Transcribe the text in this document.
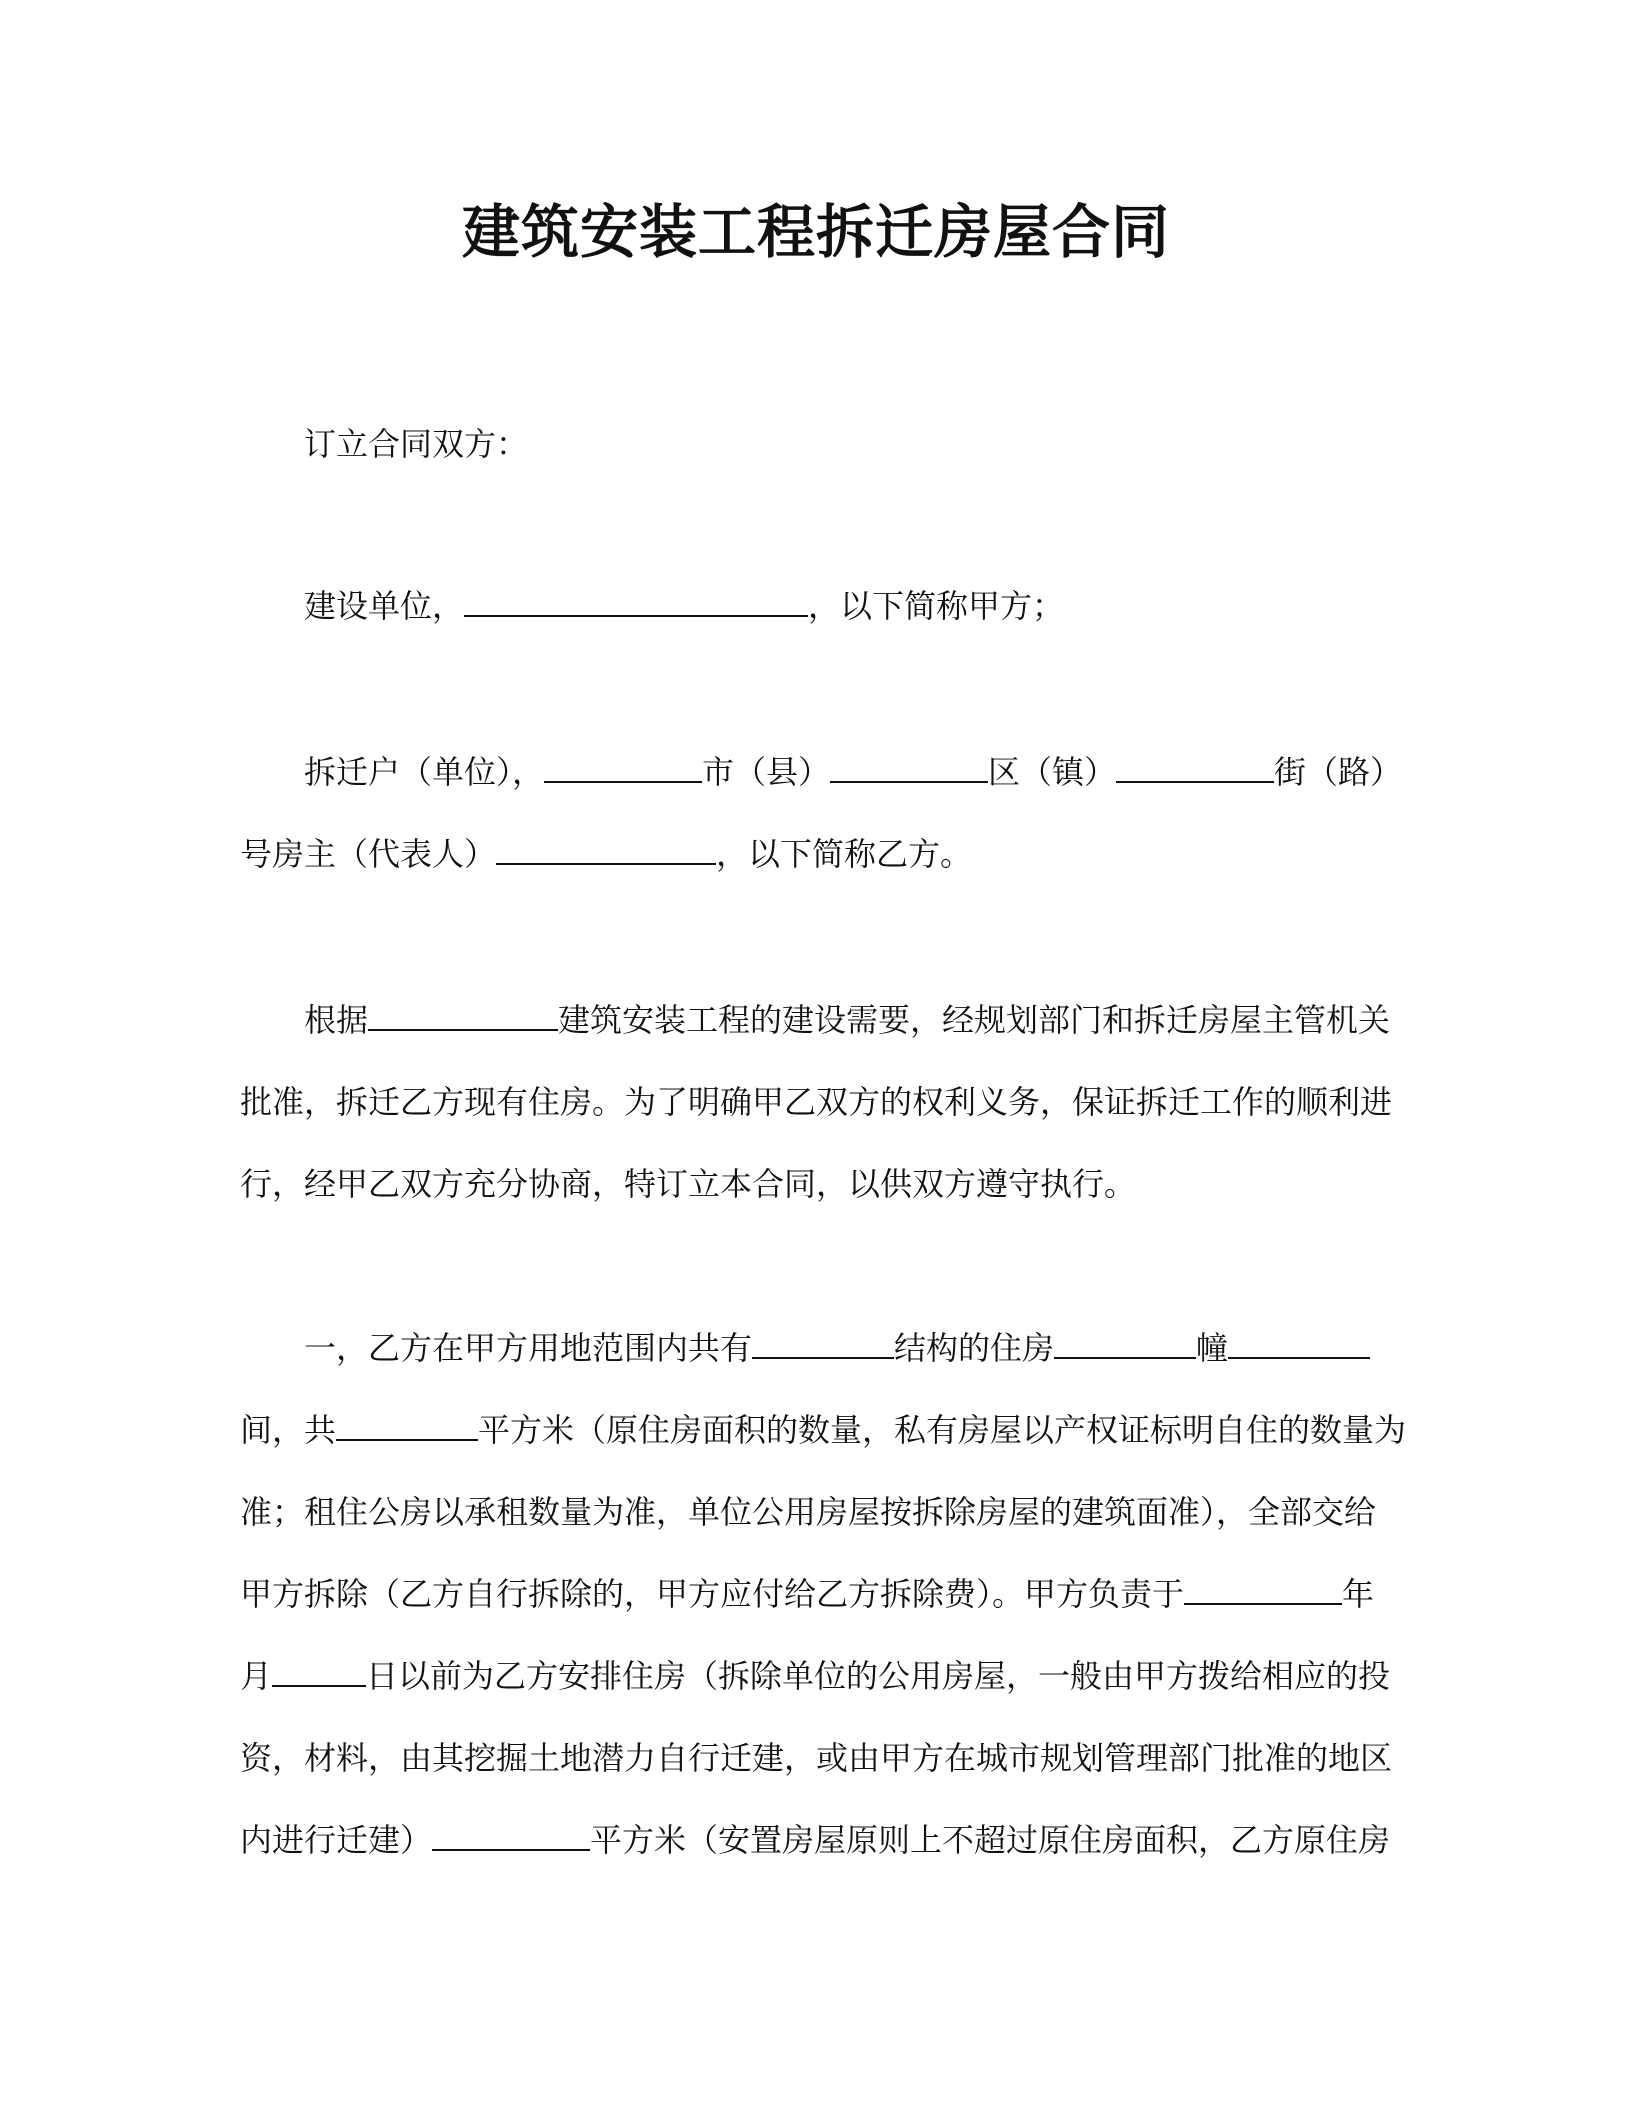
建筑安装工程拆迁房屋合同
订立合同双方：
建设单位，	，以下简称甲方；
拆迁户（单位），	市（县）	区（镇）	街（路）
号房主（代表人）	，以下简称乙方。
根据	建筑安装工程的建设需要，经规划部门和拆迁房屋主管机关
批准，拆迁乙方现有住房。为了明确甲乙双方的权利义务，保证拆迁工作的顺利进
行，经甲乙双方充分协商，特订立本合同，以供双方遵守执行。
一，乙方在甲方用地范围内共有	结构的住房	幢
间，共	平方米（原住房面积的数量，私有房屋以产权证标明自住的数量为
准；租住公房以承租数量为准，单位公用房屋按拆除房屋的建筑面准），全部交给
甲方拆除（乙方自行拆除的，甲方应付给乙方拆除费）。甲方负责于	年
月	日以前为乙方安排住房（拆除单位的公用房屋，一般由甲方拨给相应的投
资，材料，由其挖掘土地潜力自行迁建，或由甲方在城市规划管理部门批准的地区
内进行迁建）	平方米（安置房屋原则上不超过原住房面积，乙方原住房
